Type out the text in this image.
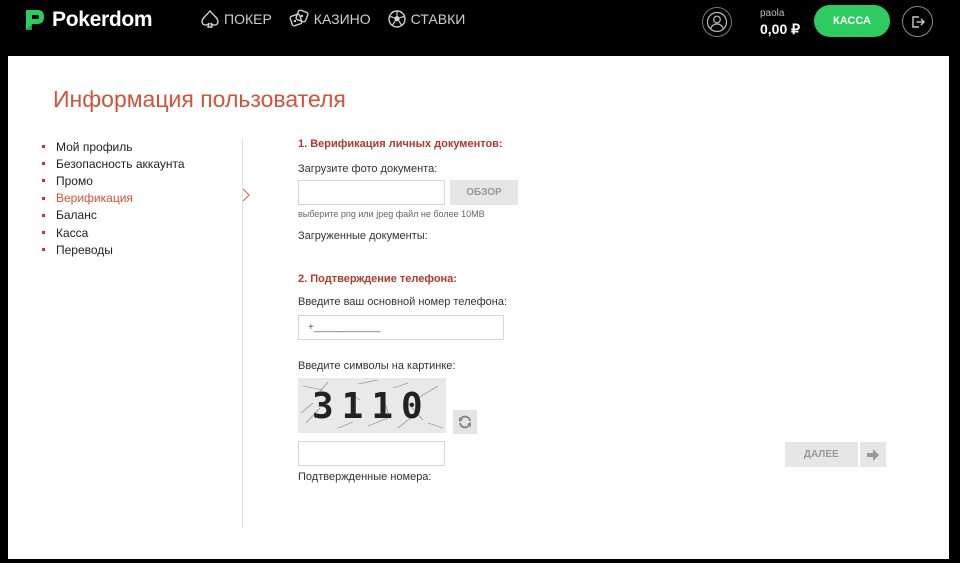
Pokerdom	ПОКЕР	КАЗИНО	СТАВКИ	paola
0,00 ₽	КАССА
Информация пользователя
Мой профиль
Безопасность аккаунта
Промо
Верификация
Баланс
Касса
Переводы
1. Верификация личных документов:
Загрузите фото документа:
ОБЗОР
выберите png или jpeg файл не более 10MB
Загруженные документы:
2. Подтверждение телефона:
Введите ваш основной номер телефона:
+____________
Введите символы на картинке:
3110
Подтвержденные номера:
ДАЛЕЕ
